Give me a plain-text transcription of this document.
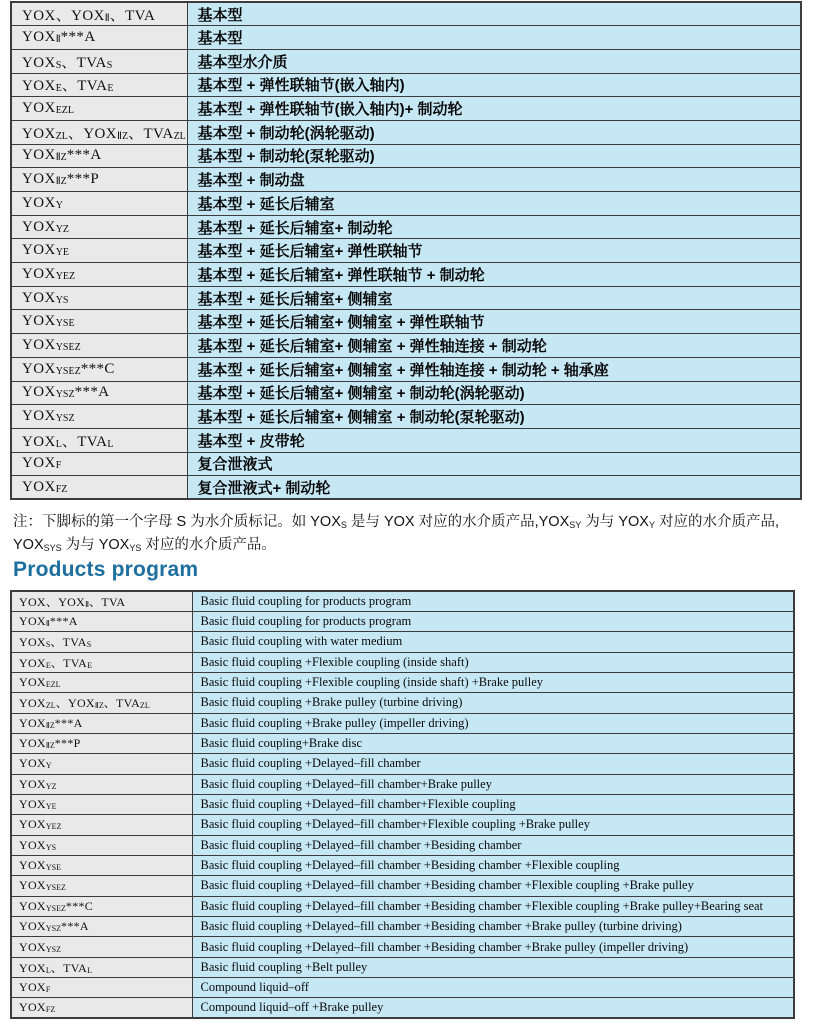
YOX、$YOX_Ⅱ$、TVA	基本型
$YOX_Ⅱ***A$	基本型
$YOX_S$、$TVA_S$	基本型水介质
$YOX_E$、$TVA_E$	基本型 + 弹性联轴节(嵌入轴内)
$YOX_{EZL}$	基本型 + 弹性联轴节(嵌入轴内)+ 制动轮
$YOX_{ZL}$、$YOX_{ⅡZ}$、$TVA_{ZL}$	基本型 + 制动轮(涡轮驱动)
$YOX_{ⅡZ}***A$	基本型 + 制动轮(泵轮驱动)
$YOX_{ⅡZ}***P$	基本型 + 制动盘
$YOX_Y$	基本型 + 延长后辅室
$YOX_{YZ}$	基本型 + 延长后辅室+ 制动轮
$YOX_{YE}$	基本型 + 延长后辅室+ 弹性联轴节
$YOX_{YEZ}$	基本型 + 延长后辅室+ 弹性联轴节 + 制动轮
$YOX_{YS}$	基本型 + 延长后辅室+ 侧辅室
$YOX_{YSE}$	基本型 + 延长后辅室+ 侧辅室 + 弹性联轴节
$YOX_{YSEZ}$	基本型 + 延长后辅室+ 侧辅室 + 弹性轴连接 + 制动轮
$YOX_{YSEZ}***C$	基本型 + 延长后辅室+ 侧辅室 + 弹性轴连接 + 制动轮 + 轴承座
$YOX_{YSZ}***A$	基本型 + 延长后辅室+ 侧辅室 + 制动轮(涡轮驱动)
$YOX_{YSZ}$	基本型 + 延长后辅室+ 侧辅室 + 制动轮(泵轮驱动)
$YOX_L$、$TVA_L$	基本型 + 皮带轮
$YOX_F$	复合泄液式
$YOX_{FZ}$	复合泄液式+ 制动轮
注：下脚标的第一个字母 S 为水介质标记。如 $YOX_S$ 是与 YOX 对应的水介质产品$,YOX_{SY}$ 为与 $YOX_Y$ 对应的水介质产品,
$YOX_{SYS}$ 为与 $YOX_{YS}$ 对应的水介质产品。
Products program
YOX、$YOX_Ⅱ$、TVA	Basic fluid coupling for products program
$YOX_Ⅱ***A$	Basic fluid coupling for products program
$YOX_S$、$TVA_S$	Basic fluid coupling with water medium
$YOX_E$、$TVA_E$	Basic fluid coupling +Flexible coupling (inside shaft)
$YOX_{EZL}$	Basic fluid coupling +Flexible coupling (inside shaft) +Brake pulley
$YOX_{ZL}$、$YOX_{ⅡZ}$、$TVA_{ZL}$	Basic fluid coupling +Brake pulley (turbine driving)
$YOX_{ⅡZ}***A$	Basic fluid coupling +Brake pulley (impeller driving)
$YOX_{ⅡZ}***P$	Basic fluid coupling+Brake disc
$YOX_Y$	Basic fluid coupling +Delayed–fill chamber
$YOX_{YZ}$	Basic fluid coupling +Delayed–fill chamber+Brake pulley
$YOX_{YE}$	Basic fluid coupling +Delayed–fill chamber+Flexible coupling
$YOX_{YEZ}$	Basic fluid coupling +Delayed–fill chamber+Flexible coupling +Brake pulley
$YOX_{YS}$	Basic fluid coupling +Delayed–fill chamber +Besiding chamber
$YOX_{YSE}$	Basic fluid coupling +Delayed–fill chamber +Besiding chamber +Flexible coupling
$YOX_{YSEZ}$	Basic fluid coupling +Delayed–fill chamber +Besiding chamber +Flexible coupling +Brake pulley
$YOX_{YSEZ}***C$	Basic fluid coupling +Delayed–fill chamber +Besiding chamber +Flexible coupling +Brake pulley+Bearing seat
$YOX_{YSZ}***A$	Basic fluid coupling +Delayed–fill chamber +Besiding chamber +Brake pulley (turbine driving)
$YOX_{YSZ}$	Basic fluid coupling +Delayed–fill chamber +Besiding chamber +Brake pulley (impeller driving)
$YOX_L$、$TVA_L$	Basic fluid coupling +Belt pulley
$YOX_F$	Compound liquid–off
$YOX_{FZ}$	Compound liquid–off +Brake pulley
